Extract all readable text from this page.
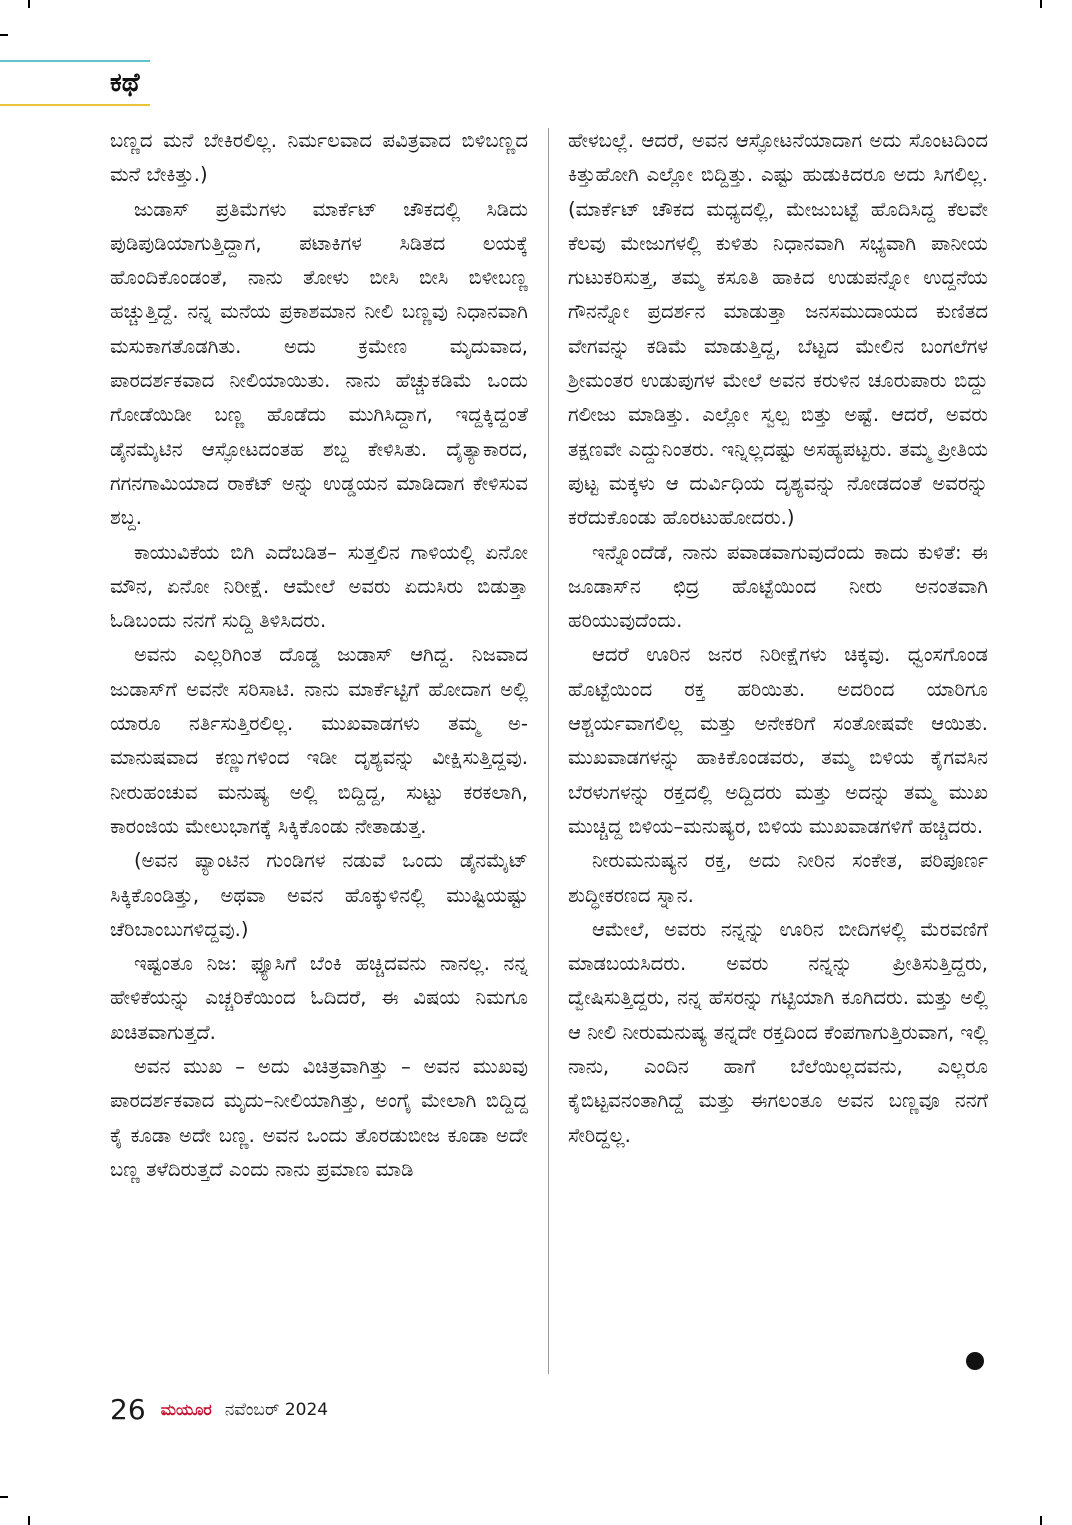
ಕಥೆ

ಬಣ್ಣದ ಮನೆ ಬೇಕಿರಲಿಲ್ಲ. ನಿರ್ಮಲವಾದ ಪವಿತ್ರವಾದ ಬಿಳಿಬಣ್ಣದ ಮನೆ ಬೇಕಿತ್ತು.)

ಜುಡಾಸ್ ಪ್ರತಿಮೆಗಳು ಮಾರ್ಕೆಟ್ ಚೌಕದಲ್ಲಿ ಸಿಡಿದು ಪುಡಿಪುಡಿಯಾಗುತ್ತಿದ್ದಾಗ, ಪಟಾಕಿಗಳ ಸಿಡಿತದ ಲಯಕ್ಕೆ ಹೊಂದಿಕೊಂಡಂತೆ, ನಾನು ತೋಳು ಬೀಸಿ ಬೀಸಿ ಬಿಳೀಬಣ್ಣ ಹಚ್ಚುತ್ತಿದ್ದೆ. ನನ್ನ ಮನೆಯ ಪ್ರಕಾಶಮಾನ ನೀಲಿ ಬಣ್ಣವು ನಿಧಾನವಾಗಿ ಮಸುಕಾಗತೊಡಗಿತು. ಅದು ಕ್ರಮೇಣ ಮೃದುವಾದ, ಪಾರದರ್ಶಕವಾದ ನೀಲಿಯಾಯಿತು. ನಾನು ಹೆಚ್ಚುಕಡಿಮೆ ಒಂದು ಗೋಡೆಯಿಡೀ ಬಣ್ಣ ಹೊಡೆದು ಮುಗಿಸಿದ್ದಾಗ, ಇದ್ದಕ್ಕಿದ್ದಂತೆ ಡೈನಮೈಟಿನ ಆಸ್ಫೋಟದಂತಹ ಶಬ್ದ ಕೇಳಿಸಿತು. ದೈತ್ಯಾಕಾರದ, ಗಗನಗಾಮಿಯಾದ ರಾಕೆಟ್ ಅನ್ನು ಉಡ್ಡಯನ ಮಾಡಿದಾಗ ಕೇಳಿಸುವ ಶಬ್ದ.

ಕಾಯುವಿಕೆಯ ಬಿಗಿ ಎದೆಬಡಿತ– ಸುತ್ತಲಿನ ಗಾಳಿಯಲ್ಲಿ ಏನೋ ಮೌನ, ಏನೋ ನಿರೀಕ್ಷೆ. ಆಮೇಲೆ ಅವರು ಏದುಸಿರು ಬಿಡುತ್ತಾ ಓಡಿಬಂದು ನನಗೆ ಸುದ್ದಿ ತಿಳಿಸಿದರು.

ಅವನು ಎಲ್ಲರಿಗಿಂತ ದೊಡ್ಡ ಜುಡಾಸ್ ಆಗಿದ್ದ. ನಿಜವಾದ ಜುಡಾಸ್‌ಗೆ ಅವನೇ ಸರಿಸಾಟಿ. ನಾನು ಮಾರ್ಕೆಟ್ಟಿಗೆ ಹೋದಾಗ ಅಲ್ಲಿ ಯಾರೂ ನರ್ತಿಸುತ್ತಿರಲಿಲ್ಲ. ಮುಖವಾಡಗಳು ತಮ್ಮ ಅ-ಮಾನುಷವಾದ ಕಣ್ಣುಗಳಿಂದ ಇಡೀ ದೃಶ್ಯವನ್ನು ವೀಕ್ಷಿಸುತ್ತಿದ್ದವು. ನೀರುಹಂಚುವ ಮನುಷ್ಯ ಅಲ್ಲಿ ಬಿದ್ದಿದ್ದ, ಸುಟ್ಟು ಕರಕಲಾಗಿ, ಕಾರಂಜಿಯ ಮೇಲುಭಾಗಕ್ಕೆ ಸಿಕ್ಕಿಕೊಂಡು ನೇತಾಡುತ್ತ.

(ಅವನ ಪ್ಯಾಂಟಿನ ಗುಂಡಿಗಳ ನಡುವೆ ಒಂದು ಡೈನಮೈಟ್ ಸಿಕ್ಕಿಕೊಂಡಿತ್ತು, ಅಥವಾ ಅವನ ಹೊಕ್ಕುಳಿನಲ್ಲಿ ಮುಷ್ಟಿಯಷ್ಟು ಚೆರಿಬಾಂಬುಗಳಿದ್ದವು.)

ಇಷ್ಟಂತೂ ನಿಜ: ಫ್ಯೂಸಿಗೆ ಬೆಂಕಿ ಹಚ್ಚಿದವನು ನಾನಲ್ಲ. ನನ್ನ ಹೇಳಿಕೆಯನ್ನು ಎಚ್ಚರಿಕೆಯಿಂದ ಓದಿದರೆ, ಈ ವಿಷಯ ನಿಮಗೂ ಖಚಿತವಾಗುತ್ತದೆ.

ಅವನ ಮುಖ – ಅದು ವಿಚಿತ್ರವಾಗಿತ್ತು – ಅವನ ಮುಖವು ಪಾರದರ್ಶಕವಾದ ಮೃದು–ನೀಲಿಯಾಗಿತ್ತು, ಅಂಗೈ ಮೇಲಾಗಿ ಬಿದ್ದಿದ್ದ ಕೈ ಕೂಡಾ ಅದೇ ಬಣ್ಣ. ಅವನ ಒಂದು ತೊರಡುಬೀಜ ಕೂಡಾ ಅದೇ ಬಣ್ಣ ತಳೆದಿರುತ್ತದೆ ಎಂದು ನಾನು ಪ್ರಮಾಣ ಮಾಡಿ

ಹೇಳಬಲ್ಲೆ. ಆದರೆ, ಅವನ ಆಸ್ಫೋಟನೆಯಾದಾಗ ಅದು ಸೊಂಟದಿಂದ ಕಿತ್ತುಹೋಗಿ ಎಲ್ಲೋ ಬಿದ್ದಿತ್ತು. ಎಷ್ಟು ಹುಡುಕಿದರೂ ಅದು ಸಿಗಲಿಲ್ಲ. (ಮಾರ್ಕೆಟ್ ಚೌಕದ ಮಧ್ಯದಲ್ಲಿ, ಮೇಜುಬಟ್ಟೆ ಹೊದಿಸಿದ್ದ ಕೆಲವೇ ಕೆಲವು ಮೇಜುಗಳಲ್ಲಿ ಕುಳಿತು ನಿಧಾನವಾಗಿ ಸಭ್ಯವಾಗಿ ಪಾನೀಯ ಗುಟುಕರಿಸುತ್ತ, ತಮ್ಮ ಕಸೂತಿ ಹಾಕಿದ ಉಡುಪನ್ನೋ ಉದ್ದನೆಯ ಗೌನನ್ನೋ ಪ್ರದರ್ಶನ ಮಾಡುತ್ತಾ ಜನಸಮುದಾಯದ ಕುಣಿತದ ವೇಗವನ್ನು ಕಡಿಮೆ ಮಾಡುತ್ತಿದ್ದ, ಬೆಟ್ಟದ ಮೇಲಿನ ಬಂಗಲೆಗಳ ಶ್ರೀಮಂತರ ಉಡುಪುಗಳ ಮೇಲೆ ಅವನ ಕರುಳಿನ ಚೂರುಪಾರು ಬಿದ್ದು ಗಲೀಜು ಮಾಡಿತ್ತು. ಎಲ್ಲೋ ಸ್ವಲ್ಪ ಬಿತ್ತು ಅಷ್ಟೆ. ಆದರೆ, ಅವರು ತಕ್ಷಣವೇ ಎದ್ದುನಿಂತರು. ಇನ್ನಿಲ್ಲದಷ್ಟು ಅಸಹ್ಯಪಟ್ಟರು. ತಮ್ಮ ಪ್ರೀತಿಯ ಪುಟ್ಟ ಮಕ್ಕಳು ಆ ದುರ್ವಿಧಿಯ ದೃಶ್ಯವನ್ನು ನೋಡದಂತೆ ಅವರನ್ನು ಕರೆದುಕೊಂಡು ಹೊರಟುಹೋದರು.)

ಇನ್ನೊಂದೆಡೆ, ನಾನು ಪವಾಡವಾಗುವುದೆಂದು ಕಾದು ಕುಳಿತೆ: ಈ ಜೂಡಾಸ್‌ನ ಛಿದ್ರ ಹೊಟ್ಟೆಯಿಂದ ನೀರು ಅನಂತವಾಗಿ ಹರಿಯುವುದೆಂದು.

ಆದರೆ ಊರಿನ ಜನರ ನಿರೀಕ್ಷೆಗಳು ಚಿಕ್ಕವು. ಧ್ವಂಸಗೊಂಡ ಹೊಟ್ಟೆಯಿಂದ ರಕ್ತ ಹರಿಯಿತು. ಅದರಿಂದ ಯಾರಿಗೂ ಆಶ್ಚರ್ಯವಾಗಲಿಲ್ಲ ಮತ್ತು ಅನೇಕರಿಗೆ ಸಂತೋಷವೇ ಆಯಿತು. ಮುಖವಾಡಗಳನ್ನು ಹಾಕಿಕೊಂಡವರು, ತಮ್ಮ ಬಿಳಿಯ ಕೈಗವಸಿನ ಬೆರಳುಗಳನ್ನು ರಕ್ತದಲ್ಲಿ ಅದ್ದಿದರು ಮತ್ತು ಅದನ್ನು ತಮ್ಮ ಮುಖ ಮುಚ್ಚಿದ್ದ ಬಿಳಿಯ–ಮನುಷ್ಯರ, ಬಿಳಿಯ ಮುಖವಾಡಗಳಿಗೆ ಹಚ್ಚಿದರು.

ನೀರುಮನುಷ್ಯನ ರಕ್ತ, ಅದು ನೀರಿನ ಸಂಕೇತ, ಪರಿಪೂರ್ಣ ಶುದ್ಧೀಕರಣದ ಸ್ನಾನ.

ಆಮೇಲೆ, ಅವರು ನನ್ನನ್ನು ಊರಿನ ಬೀದಿಗಳಲ್ಲಿ ಮೆರವಣಿಗೆ ಮಾಡಬಯಸಿದರು. ಅವರು ನನ್ನನ್ನು ಪ್ರೀತಿಸುತ್ತಿದ್ದರು, ದ್ವೇಷಿಸುತ್ತಿದ್ದರು, ನನ್ನ ಹೆಸರನ್ನು ಗಟ್ಟಿಯಾಗಿ ಕೂಗಿದರು. ಮತ್ತು ಅಲ್ಲಿ ಆ ನೀಲಿ ನೀರುಮನುಷ್ಯ ತನ್ನದೇ ರಕ್ತದಿಂದ ಕೆಂಪಗಾಗುತ್ತಿರುವಾಗ, ಇಲ್ಲಿ ನಾನು, ಎಂದಿನ ಹಾಗೆ ಬೆಲೆಯಿಲ್ಲದವನು, ಎಲ್ಲರೂ ಕೈಬಿಟ್ಟವನಂತಾಗಿದ್ದೆ ಮತ್ತು ಈಗಲಂತೂ ಅವನ ಬಣ್ಣವೂ ನನಗೆ ಸೇರಿದ್ದಲ್ಲ.

26 ಮಯೂರ ನವೆಂಬರ್ 2024
